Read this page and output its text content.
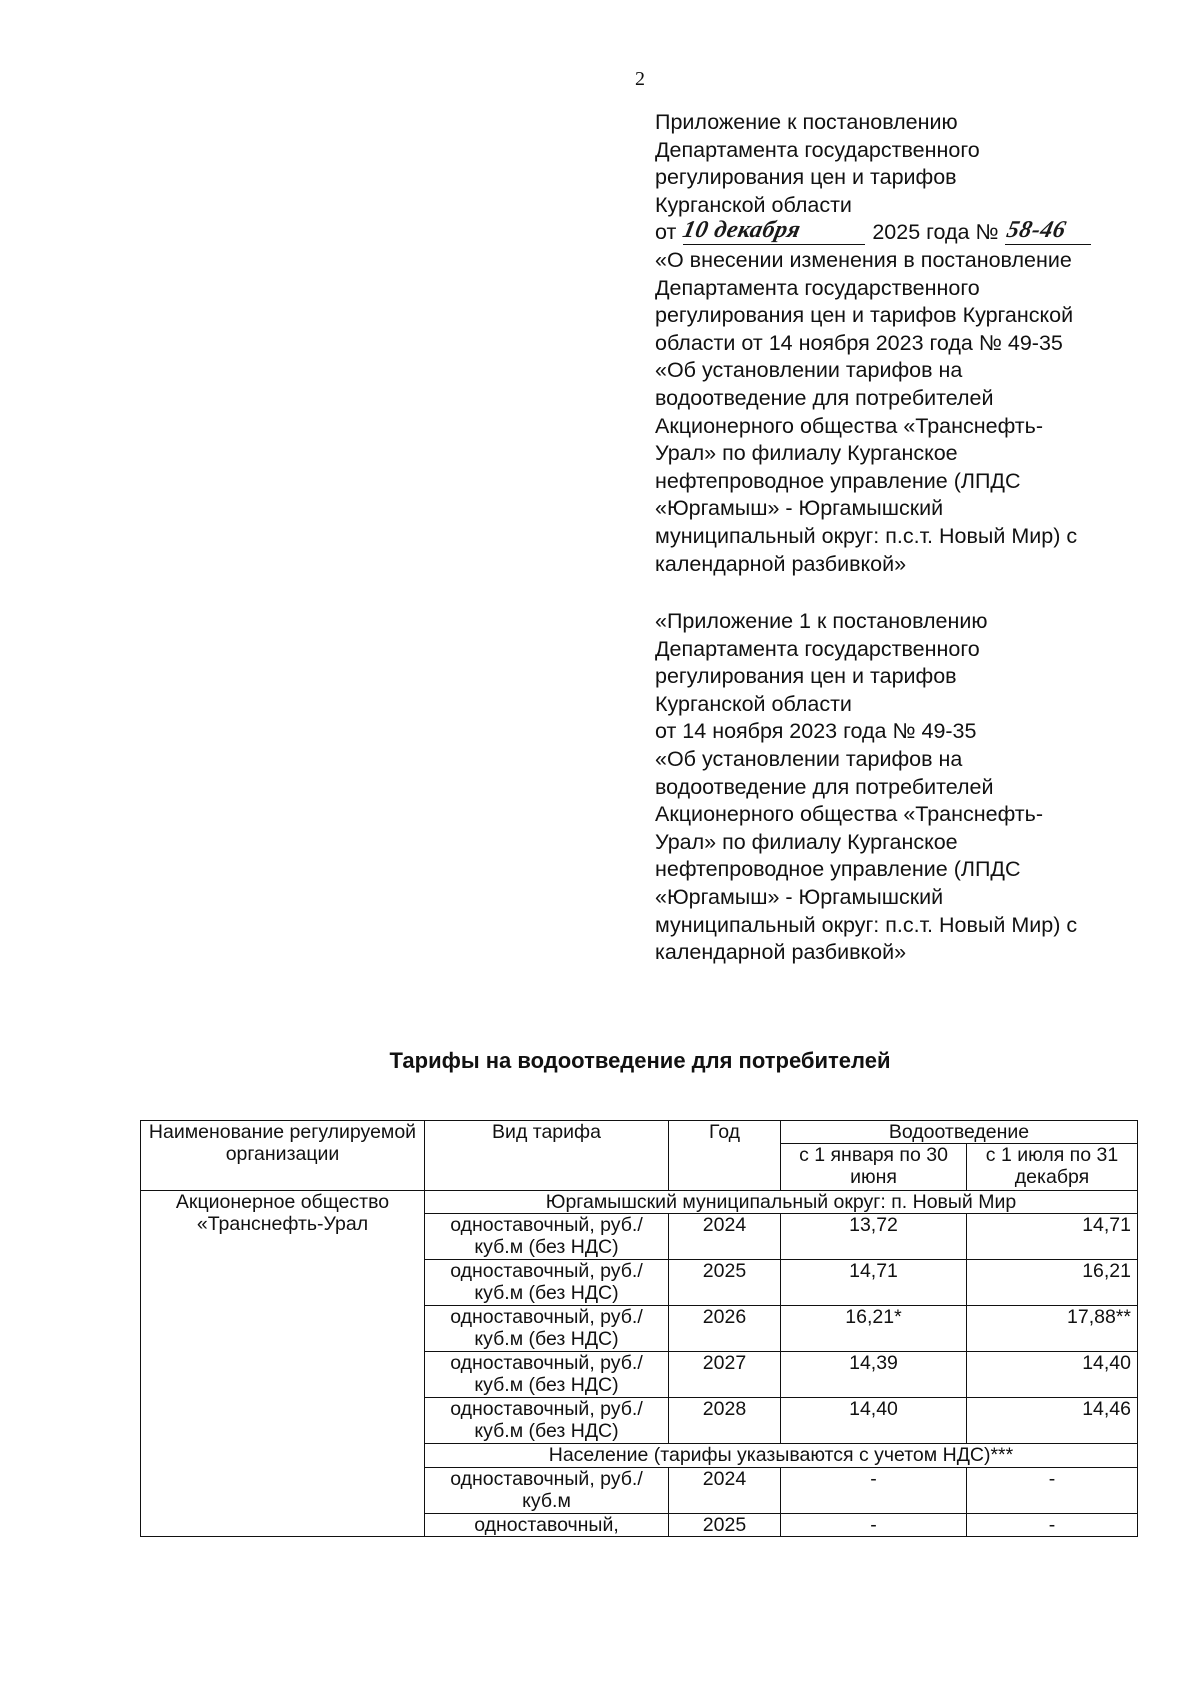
2
Приложение к постановлению
Департамента государственного
регулирования цен и тарифов
Курганской области
от	2025 года №
10 декабря	58-46
«О внесении изменения в постановление
Департамента государственного
регулирования цен и тарифов Курганской
области от 14 ноября 2023 года № 49-35
«Об установлении тарифов на
водоотведение для потребителей
Акционерного общества «Транснефть-
Урал» по филиалу Курганское
нефтепроводное управление (ЛПДС
«Юргамыш» - Юргамышский
муниципальный округ: п.с.т. Новый Мир) с
календарной разбивкой»
«Приложение 1 к постановлению
Департамента государственного
регулирования цен и тарифов
Курганской области
от 14 ноября 2023 года № 49-35
«Об установлении тарифов на
водоотведение для потребителей
Акционерного общества «Транснефть-
Урал» по филиалу Курганское
нефтепроводное управление (ЛПДС
«Юргамыш» - Юргамышский
муниципальный округ: п.с.т. Новый Мир) с
календарной разбивкой»
Тарифы на водоотведение для потребителей
Наименование регулируемой организации	Вид тарифа	Год	Водоотведение	
			с 1 января по 30 июня	с 1 июля по 31 декабря
Акционерное общество «Транснефть-Урал	Юргамышский муниципальный округ: п. Новый Мир			
	одноставочный, руб./куб.м (без НДС)	2024	13,72	14,71
	одноставочный, руб./куб.м (без НДС)	2025	14,71	16,21
	одноставочный, руб./куб.м (без НДС)	2026	16,21*	17,88**
	одноставочный, руб./куб.м (без НДС)	2027	14,39	14,40
	одноставочный, руб./куб.м (без НДС)	2028	14,40	14,46
	Население (тарифы указываются с учетом НДС)***			
	одноставочный, руб./куб.м	2024	-	-
	одноставочный,	2025	-	-
